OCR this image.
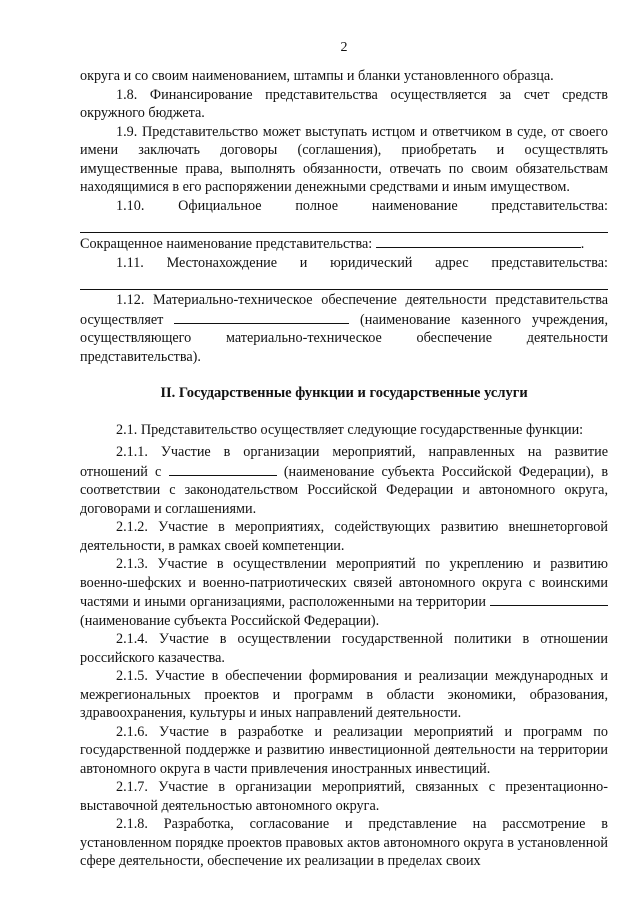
2

округа и со своим наименованием, штампы и бланки установленного образца.

1.8. Финансирование представительства осуществляется за счет средств окружного бюджета.

1.9. Представительство может выступать истцом и ответчиком в суде, от своего имени заключать договоры (соглашения), приобретать и осуществлять имущественные права, выполнять обязанности, отвечать по своим обязательствам находящимися в его распоряжении денежными средствами и иным имуществом.

1.10. Официальное полное наименование представительства:

Сокращенное наименование представительства:	.

1.11. Местонахождение и юридический адрес представительства:

1.12. Материально-техническое обеспечение деятельности представительства осуществляет	(наименование казенного учреждения, осуществляющего материально-техническое обеспечение деятельности представительства).

II. Государственные функции и государственные услуги

2.1. Представительство осуществляет следующие государственные функции:

2.1.1. Участие в организации мероприятий, направленных на развитие отношений с	(наименование субъекта Российской Федерации), в соответствии с законодательством Российской Федерации и автономного округа, договорами и соглашениями.

2.1.2. Участие в мероприятиях, содействующих развитию внешнеторговой деятельности, в рамках своей компетенции.

2.1.3. Участие в осуществлении мероприятий по укреплению и развитию военно-шефских и военно-патриотических связей автономного округа с воинскими частями и иными организациями, расположенными на территории  (наименование субъекта Российской Федерации).

2.1.4. Участие в осуществлении государственной политики в отношении российского казачества.

2.1.5. Участие в обеспечении формирования и реализации международных и межрегиональных проектов и программ в области экономики, образования, здравоохранения, культуры и иных направлений деятельности.

2.1.6. Участие в разработке и реализации мероприятий и программ по государственной поддержке и развитию инвестиционной деятельности на территории автономного округа в части привлечения иностранных инвестиций.

2.1.7. Участие в организации мероприятий, связанных с презентационно-выставочной деятельностью автономного округа.

2.1.8. Разработка, согласование и представление на рассмотрение в установленном порядке проектов правовых актов автономного округа в установленной сфере деятельности, обеспечение их реализации в пределах своих
